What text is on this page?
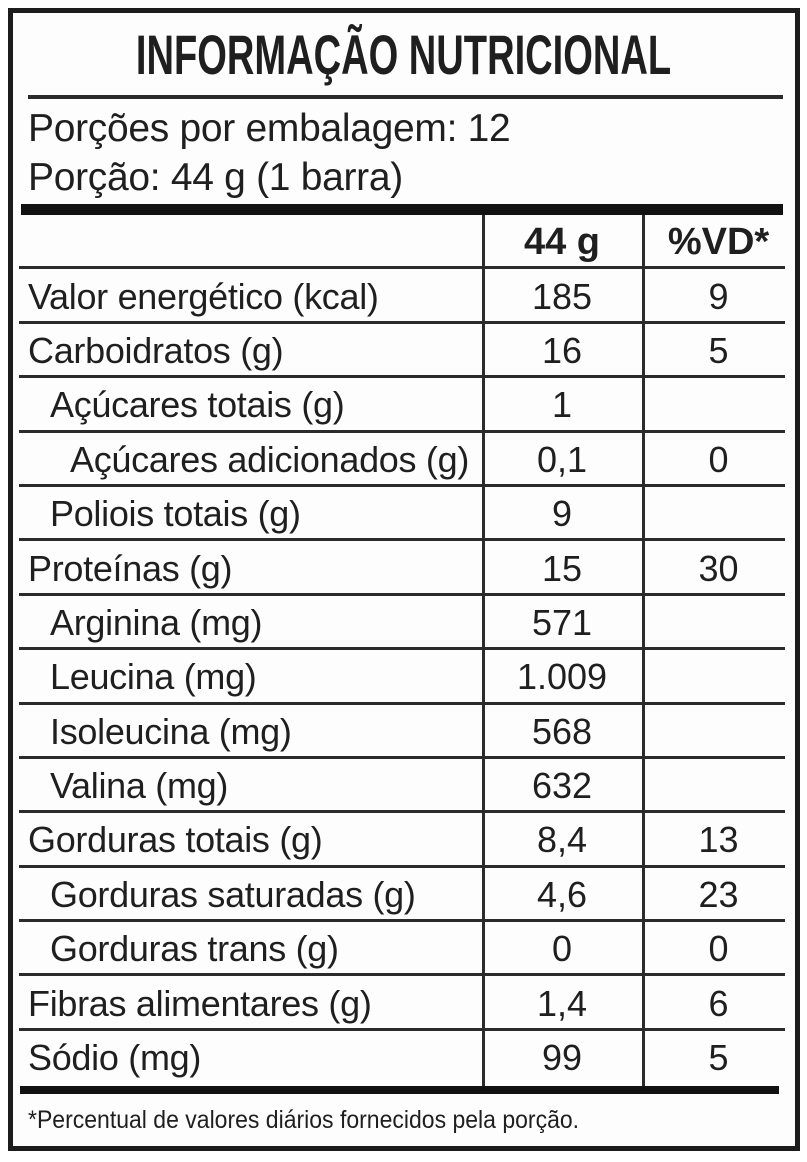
INFORMAÇÃO NUTRICIONAL
Porções por embalagem: 12
Porção: 44 g (1 barra)
44 g	%VD*
Valor energético (kcal)	185	9
Carboidratos (g)	16	5
Açúcares totais (g)	1
Açúcares adicionados (g)	0,1	0
Poliois totais (g)	9
Proteínas (g)	15	30
Arginina (mg)	571
Leucina (mg)	1.009
Isoleucina (mg)	568
Valina (mg)	632
Gorduras totais (g)	8,4	13
Gorduras saturadas (g)	4,6	23
Gorduras trans (g)	0	0
Fibras alimentares (g)	1,4	6
Sódio (mg)	99	5
*Percentual de valores diários fornecidos pela porção.
